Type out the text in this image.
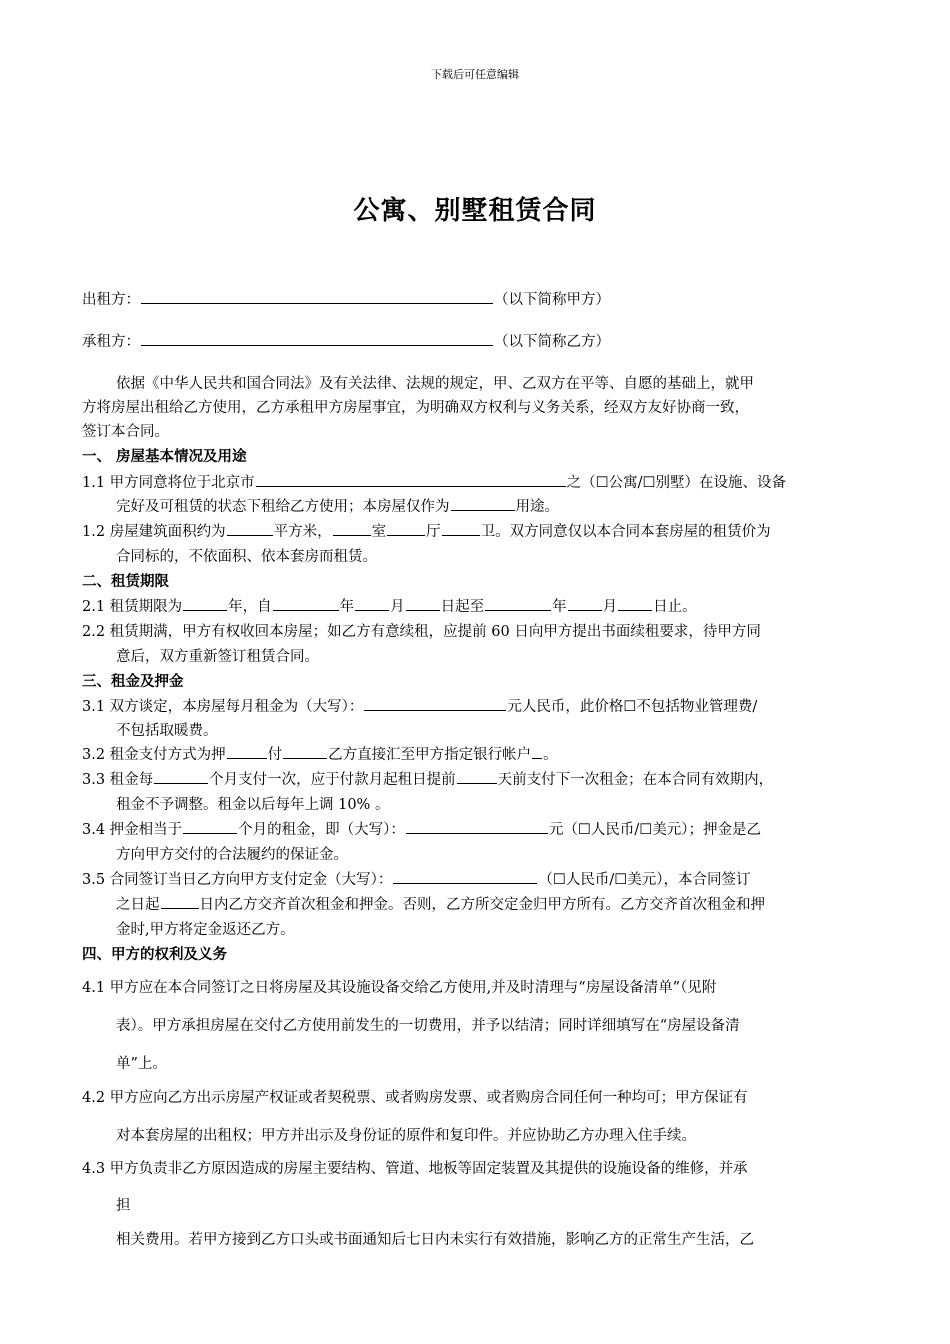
下载后可任意编辑
公寓、别墅租赁合同
出租方：	（以下简称甲方）
承租方：	（以下简称乙方）
依据《中华人民共和国合同法》及有关法律、法规的规定，甲、乙双方在平等、自愿的基础上，就甲
方将房屋出租给乙方使用，乙方承租甲方房屋事宜，为明确双方权利与义务关系，经双方友好协商一致，
签订本合同。
一、 房屋基本情况及用途
1.1 甲方同意将位于北京市	之（☐公寓/☐别墅）在设施、设备
完好及可租赁的状态下租给乙方使用；本房屋仅作为	用途。
1.2 房屋建筑面积约为	平方米，	室	厅	卫。双方同意仅以本合同本套房屋的租赁价为
合同标的，不依面积、依本套房而租赁。
二、租赁期限
2.1 租赁期限为	年，自	年 月 日起至	年 月 日止。
2.2 租赁期满，甲方有权收回本房屋；如乙方有意续租，应提前 60 日向甲方提出书面续租要求，待甲方同
意后，双方重新签订租赁合同。
三、租金及押金
3.1 双方谈定，本房屋每月租金为（大写）：	元人民币，此价格☐不包括物业管理费/
不包括取暖费。
3.2 租金支付方式为押	付	乙方直接汇至甲方指定银行帐户 。
3.3 租金每	个月支付一次，应于付款月起租日提前	天前支付下一次租金；在本合同有效期内，
租金不予调整。租金以后每年上调 10% 。
3.4 押金相当于	个月的租金，即（大写）：	元（☐人民币/☐美元）；押金是乙
方向甲方交付的合法履约的保证金。
3.5 合同签订当日乙方向甲方支付定金（大写）：	（☐人民币/☐美元），本合同签订
之日起	日内乙方交齐首次租金和押金。否则，乙方所交定金归甲方所有。乙方交齐首次租金和押
金时,甲方将定金返还乙方。
四、甲方的权利及义务
4.1 甲方应在本合同签订之日将房屋及其设施设备交给乙方使用,并及时清理与“房屋设备清单”（见附
表）。甲方承担房屋在交付乙方使用前发生的一切费用，并予以结清；同时详细填写在“房屋设备清
单”上。
4.2 甲方应向乙方出示房屋产权证或者契税票、或者购房发票、或者购房合同任何一种均可；甲方保证有
对本套房屋的出租权；甲方并出示及身份证的原件和复印件。并应协助乙方办理入住手续。
4.3 甲方负责非乙方原因造成的房屋主要结构、管道、地板等固定装置及其提供的设施设备的维修，并承
担
相关费用。若甲方接到乙方口头或书面通知后七日内未实行有效措施，影响乙方的正常生产生活，乙
